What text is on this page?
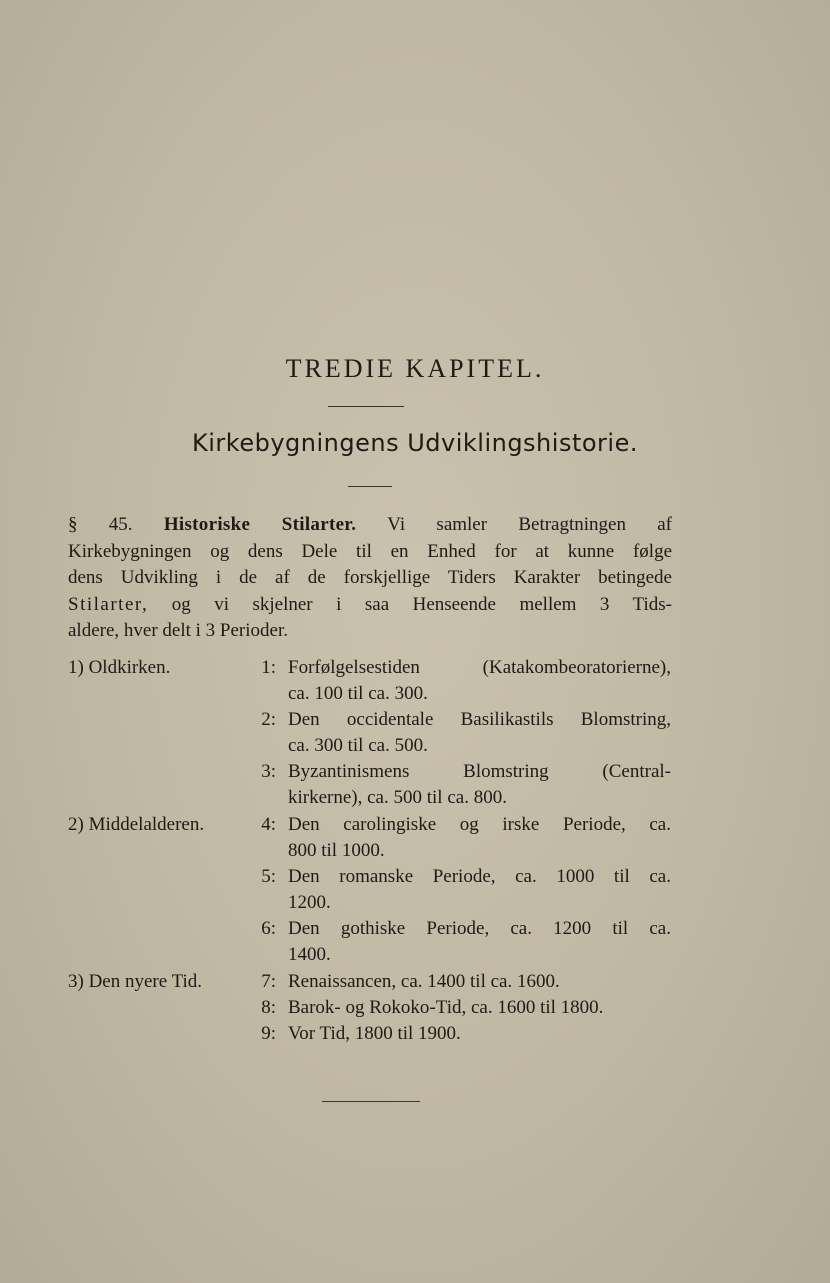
TREDIE KAPITEL.
Kirkebygningens Udviklingshistorie.
§ 45. Historiske Stilarter. Vi samler Betragtningen af
Kirkebygningen og dens Dele til en Enhed for at kunne følge
dens Udvikling i de af de forskjellige Tiders Karakter betingede
Stilarter, og vi skjelner i saa Henseende mellem 3 Tids-
aldere, hver delt i 3 Perioder.
1) Oldkirken.	1: Forfølgelsestiden (Katakombeoratorierne),
ca. 100 til ca. 300.
2: Den occidentale Basilikastils Blomstring,
ca. 300 til ca. 500.
3: Byzantinismens Blomstring (Central-
kirkerne), ca. 500 til ca. 800.
2) Middelalderen.	4: Den carolingiske og irske Periode, ca.
800 til 1000.
5: Den romanske Periode, ca. 1000 til ca.
1200.
6: Den gothiske Periode, ca. 1200 til ca.
1400.
3) Den nyere Tid.	7: Renaissancen, ca. 1400 til ca. 1600.
8: Barok- og Rokoko-Tid, ca. 1600 til 1800.
9: Vor Tid, 1800 til 1900.
